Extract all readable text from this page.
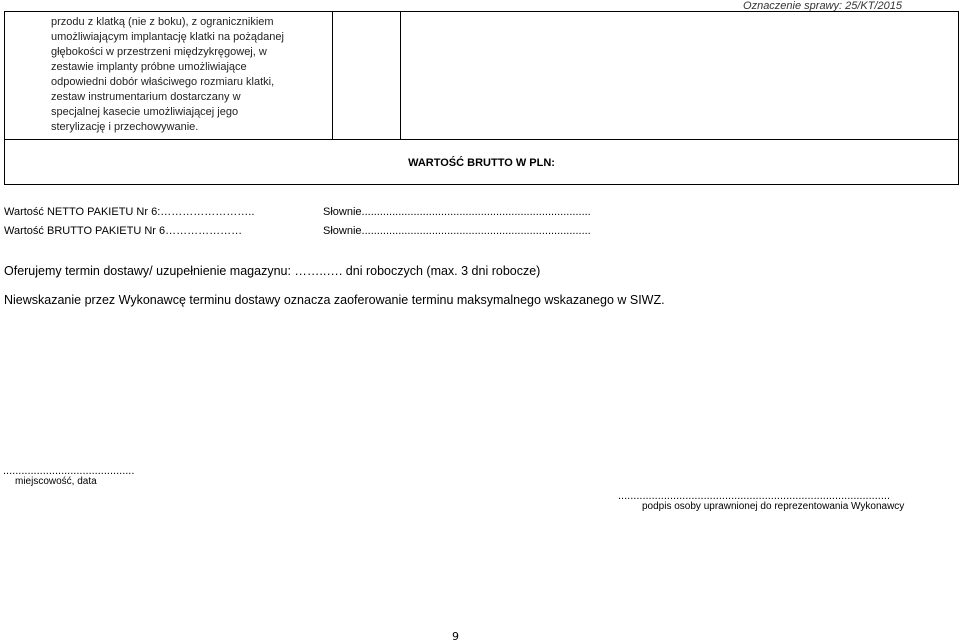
Oznaczenie sprawy: 25/KT/2015
przodu z klatką (nie z boku), z ogranicznikiem
umożliwiającym implantację klatki na pożądanej
głębokości w przestrzeni międzykręgowej, w
zestawie implanty próbne umożliwiające
odpowiedni dobór właściwego rozmiaru klatki,
zestaw instrumentarium dostarczany w
specjalnej kasecie umożliwiającej jego
sterylizację i przechowywanie.

WARTOŚĆ BRUTTO W PLN:
Wartość NETTO PAKIETU Nr 6:……………………..	Słownie...........................................................................
Wartość BRUTTO PAKIETU Nr 6…………………	Słownie...........................................................................
Oferujemy termin dostawy/ uzupełnienie magazynu: ……..…. dni roboczych (max. 3 dni robocze)
Niewskazanie przez Wykonawcę terminu dostawy oznacza zaoferowanie terminu maksymalnego wskazanego w SIWZ.
...........................................
miejscowość, data
.........................................................................................
podpis osoby uprawnionej do reprezentowania Wykonawcy
9
